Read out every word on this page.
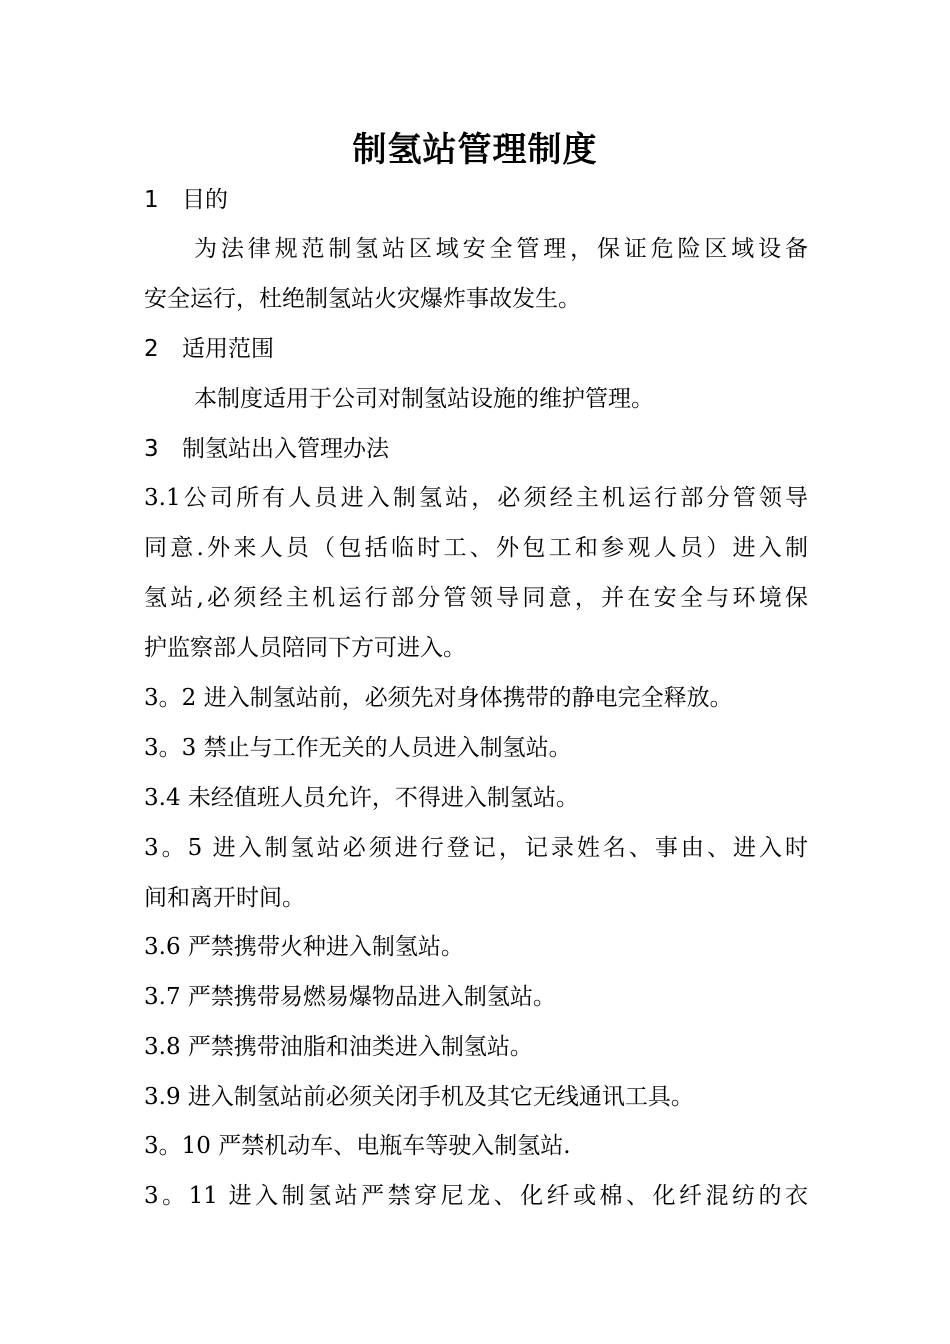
制氢站管理制度
1 目的
为法律规范制氢站区域安全管理，保证危险区域设备
安全运行，杜绝制氢站火灾爆炸事故发生。
2 适用范围
本制度适用于公司对制氢站设施的维护管理。
3 制氢站出入管理办法
3.1公司所有人员进入制氢站，必须经主机运行部分管领导
同意.外来人员（包括临时工、外包工和参观人员）进入制
氢站,必须经主机运行部分管领导同意，并在安全与环境保
护监察部人员陪同下方可进入。
3。2 进入制氢站前，必须先对身体携带的静电完全释放。
3。3 禁止与工作无关的人员进入制氢站。
3.4 未经值班人员允许，不得进入制氢站。
3。5 进入制氢站必须进行登记，记录姓名、事由、进入时
间和离开时间。
3.6 严禁携带火种进入制氢站。
3.7 严禁携带易燃易爆物品进入制氢站。
3.8 严禁携带油脂和油类进入制氢站。
3.9 进入制氢站前必须关闭手机及其它无线通讯工具。
3。10 严禁机动车、电瓶车等驶入制氢站.
3。11 进入制氢站严禁穿尼龙、化纤或棉、化纤混纺的衣
